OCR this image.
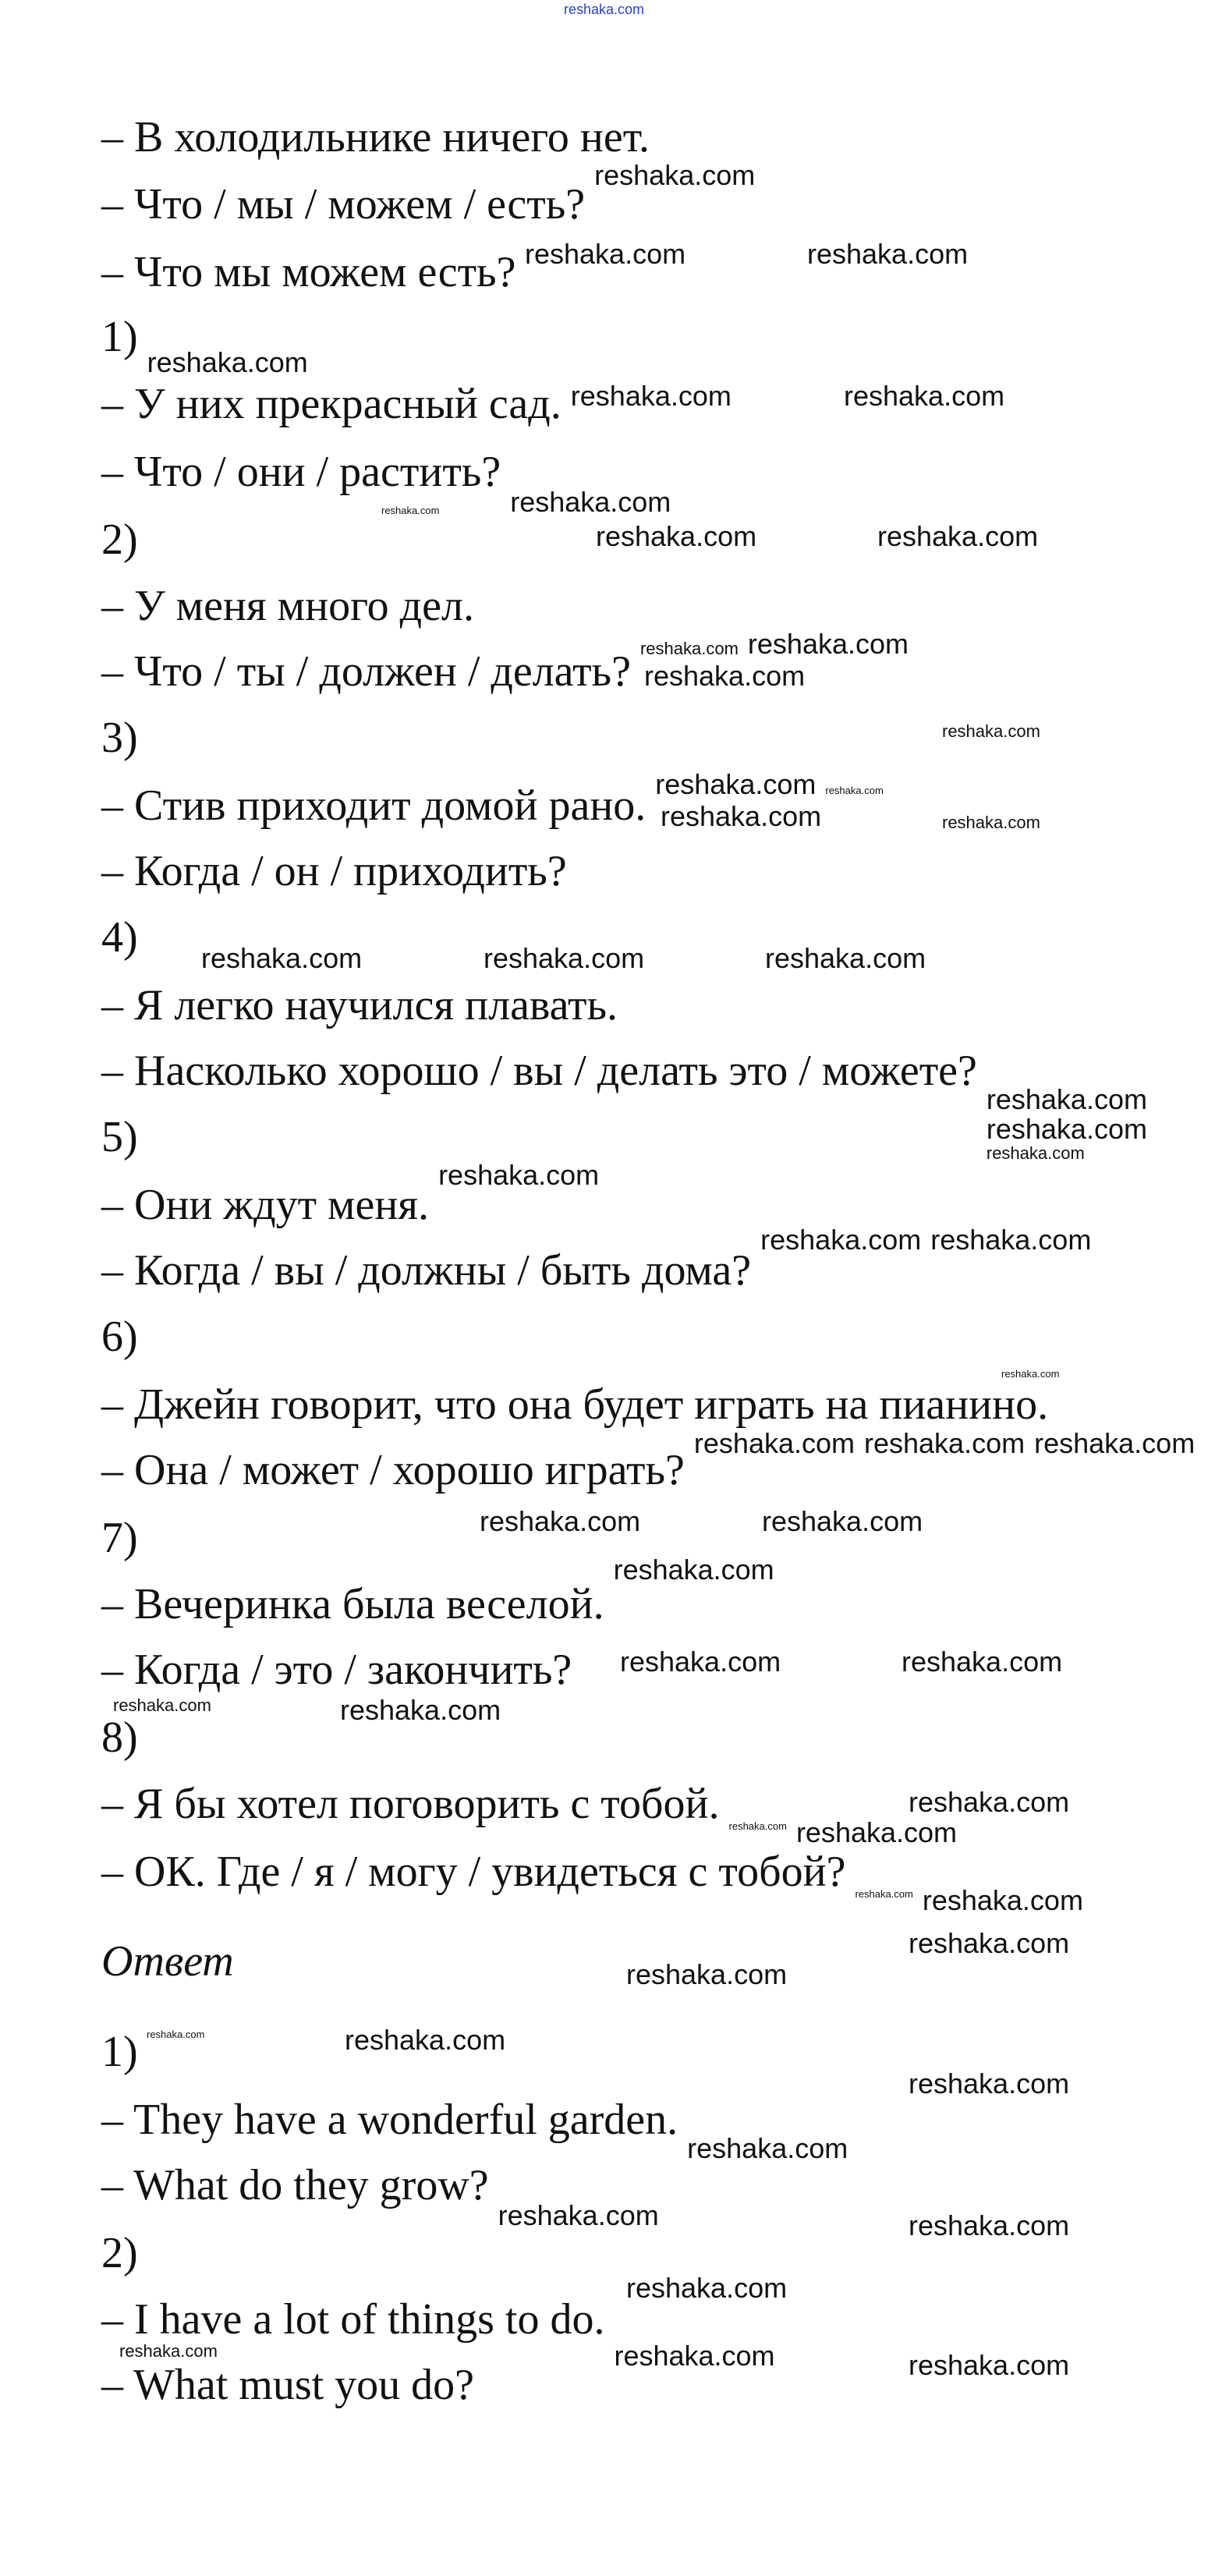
reshaka.com
– В холодильнике ничего нет.
– Что / мы / можем / есть?
– Что мы можем есть?
1)
– У них прекрасный сад.
– Что / они / растить?
2)
– У меня много дел.
– Что / ты / должен / делать?
3)
– Стив приходит домой рано.
– Когда / он / приходить?
4)
– Я легко научился плавать.
– Насколько хорошо / вы / делать это / можете?
5)
– Они ждут меня.
– Когда / вы / должны / быть дома?
6)
– Джейн говорит, что она будет играть на пианино.
– Она / может / хорошо играть?
7)
– Вечеринка была веселой.
– Когда / это / закончить?
8)
– Я бы хотел поговорить с тобой.
– ОК. Где / я / могу / увидеться с тобой?
Ответ
1)
– They have a wonderful garden.
– What do they grow?
2)
– I have a lot of things to do.
– What must you do?
reshaka.com
reshaka.com	reshaka.com
reshaka.com
reshaka.com	reshaka.com
reshaka.com
reshaka.com
reshaka.com	reshaka.com
reshaka.com reshaka.com
reshaka.com
reshaka.com
reshaka.com reshaka.com
reshaka.com	reshaka.com
reshaka.com	reshaka.com	reshaka.com
reshaka.com
reshaka.com
reshaka.com
reshaka.com
reshaka.com reshaka.com
reshaka.com reshaka.com reshaka.com
reshaka.com
reshaka.com	reshaka.com
reshaka.com
reshaka.com	reshaka.com
reshaka.com	reshaka.com
reshaka.com
reshaka.com reshaka.com
reshaka.com reshaka.com
reshaka.com
reshaka.com
reshaka.com	reshaka.com
reshaka.com
reshaka.com
reshaka.com	reshaka.com
reshaka.com
reshaka.com	reshaka.com	reshaka.com
